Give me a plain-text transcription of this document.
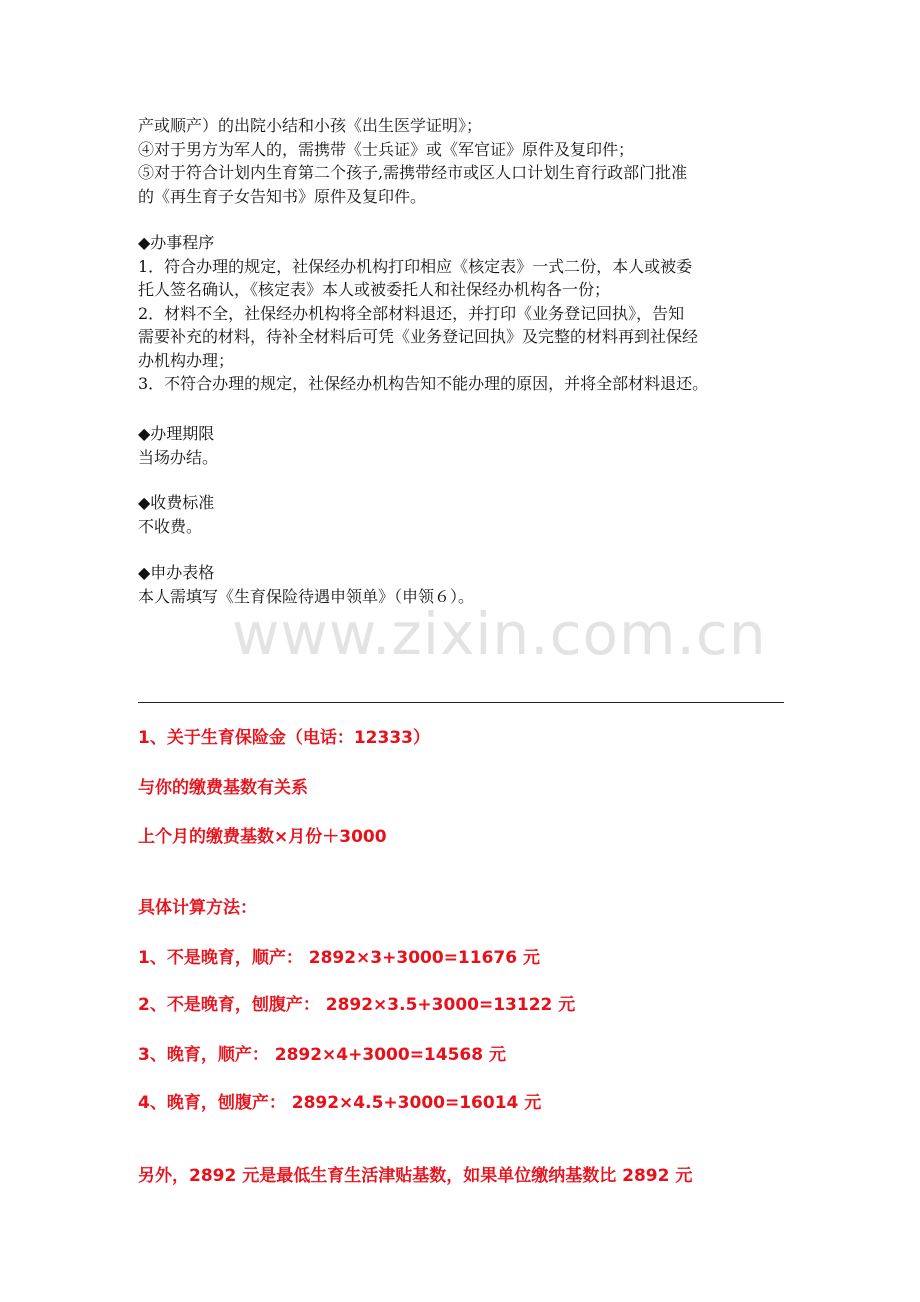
产或顺产）的出院小结和小孩《出生医学证明》；
④对于男方为军人的，需携带《士兵证》或《军官证》原件及复印件；
⑤对于符合计划内生育第二个孩子,需携带经市或区人口计划生育行政部门批准
的《再生育子女告知书》原件及复印件。
◆办事程序
1．符合办理的规定，社保经办机构打印相应《核定表》一式二份，本人或被委
托人签名确认，《核定表》本人或被委托人和社保经办机构各一份；
2．材料不全，社保经办机构将全部材料退还，并打印《业务登记回执》，告知
需要补充的材料，待补全材料后可凭《业务登记回执》及完整的材料再到社保经
办机构办理；
3．不符合办理的规定，社保经办机构告知不能办理的原因，并将全部材料退还。
◆办理期限
当场办结。
◆收费标准
不收费。
◆申办表格
本人需填写《生育保险待遇申领单》（申领６）。
www.zixin.com.cn
1、关于生育保险金（电话：12333）
与你的缴费基数有关系
上个月的缴费基数×月份＋3000
具体计算方法：
1、不是晚育，顺产： 2892×3+3000=11676 元
2、不是晚育，刨腹产： 2892×3.5+3000=13122 元
3、晚育，顺产： 2892×4+3000=14568 元
4、晚育，刨腹产： 2892×4.5+3000=16014 元
另外，2892 元是最低生育生活津贴基数，如果单位缴纳基数比 2892 元
